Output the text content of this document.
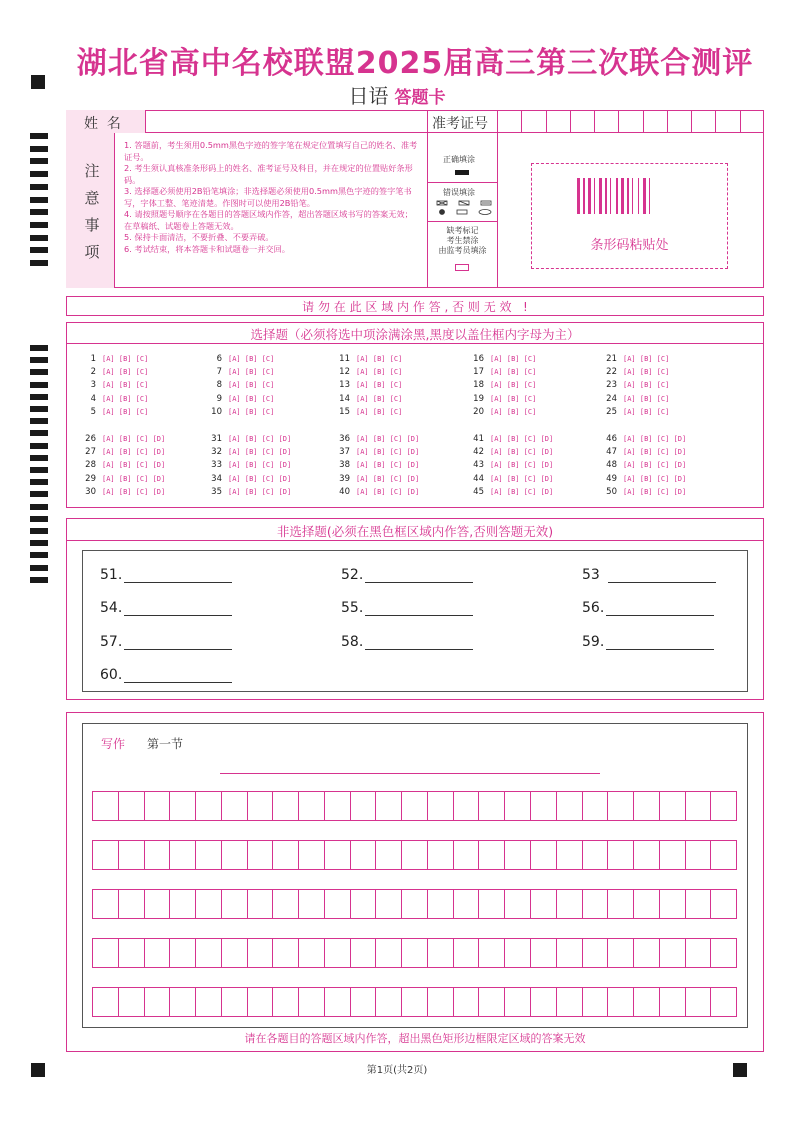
湖北省高中名校联盟2025届高三第三次联合测评
日语 答题卡
姓  名	准考证号
注
意
事
项
1. 答题前，考生须用0.5mm黑色字迹的签字笔在规定位置填写自己的姓名、准考证号。
2. 考生须认真核准条形码上的姓名、准考证号及科目，并在规定的位置贴好条形码。
3. 选择题必须使用2B铅笔填涂；非选择题必须使用0.5mm黑色字迹的签字笔书写，字体工整、笔迹清楚。作图时可以使用2B铅笔。
4. 请按照题号顺序在各题目的答题区域内作答，超出答题区域书写的答案无效；在草稿纸、试题卷上答题无效。
5. 保持卡面清洁，不要折叠、不要弄破。
6. 考试结束，将本答题卡和试题卷一并交回。
正确填涂
错误填涂
缺考标记
考生禁涂
由监考员填涂	条形码粘贴处
请 勿 在 此 区 域 内 作 答 , 否 则 无 效   !
选择题（必须将选中项涂满涂黑,黑度以盖住框内字母为主）
1 [A] [B] [C]
2 [A] [B] [C]
3 [A] [B] [C]
4 [A] [B] [C]
5 [A] [B] [C]
6 [A] [B] [C]
7 [A] [B] [C]
8 [A] [B] [C]
9 [A] [B] [C]
10 [A] [B] [C]
11 [A] [B] [C]
12 [A] [B] [C]
13 [A] [B] [C]
14 [A] [B] [C]
15 [A] [B] [C]
16 [A] [B] [C]
17 [A] [B] [C]
18 [A] [B] [C]
19 [A] [B] [C]
20 [A] [B] [C]
21 [A] [B] [C]
22 [A] [B] [C]
23 [A] [B] [C]
24 [A] [B] [C]
25 [A] [B] [C]
26 [A] [B] [C] [D]
27 [A] [B] [C] [D]
28 [A] [B] [C] [D]
29 [A] [B] [C] [D]
30 [A] [B] [C] [D]
31 [A] [B] [C] [D]
32 [A] [B] [C] [D]
33 [A] [B] [C] [D]
34 [A] [B] [C] [D]
35 [A] [B] [C] [D]
36 [A] [B] [C] [D]
37 [A] [B] [C] [D]
38 [A] [B] [C] [D]
39 [A] [B] [C] [D]
40 [A] [B] [C] [D]
41 [A] [B] [C] [D]
42 [A] [B] [C] [D]
43 [A] [B] [C] [D]
44 [A] [B] [C] [D]
45 [A] [B] [C] [D]
46 [A] [B] [C] [D]
47 [A] [B] [C] [D]
48 [A] [B] [C] [D]
49 [A] [B] [C] [D]
50 [A] [B] [C] [D]
非选择题(必须在黑色框区域内作答,否则答题无效)
51.	52.	53
54.	55.	56.
57.	58.	59.
60.
写作 第一节
请在各题目的答题区域内作答，超出黑色矩形边框限定区域的答案无效
第1页(共2页)
